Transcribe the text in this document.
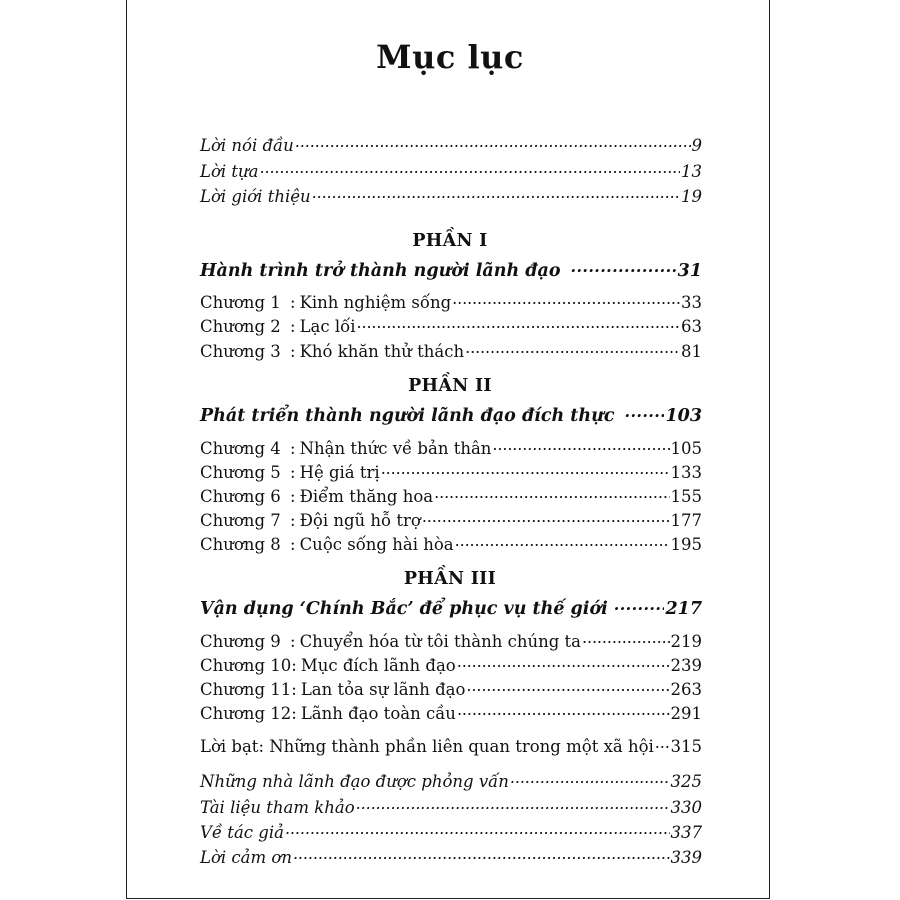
Mục lục
Lời nói đầu . . .	9
Lời tựa . . .	13
Lời giới thiệu . . .	19
PHẦN I
Hành trình trở thành người lãnh đạo . . .	31
Chương 1 : Kinh nghiệm sống . . .	33
Chương 2 : Lạc lối . . .	63
Chương 3 : Khó khăn thử thách . . .	81
PHẦN II
Phát triển thành người lãnh đạo đích thực . . .	103
Chương 4 : Nhận thức về bản thân . . .	105
Chương 5 : Hệ giá trị . . .	133
Chương 6 : Điểm thăng hoa . . .	155
Chương 7 : Đội ngũ hỗ trợ . . .	177
Chương 8 : Cuộc sống hài hòa . . .	195
PHẦN III
Vận dụng ‘Chính Bắc’ để phục vụ thế giới . . .	217
Chương 9 : Chuyển hóa từ tôi thành chúng ta . . .	219
Chương 10 : Mục đích lãnh đạo . . .	239
Chương 11 : Lan tỏa sự lãnh đạo . . .	263
Chương 12 : Lãnh đạo toàn cầu . . .	291
Lời bạt: Những thành phần liên quan trong một xã hội . . . 315
Những nhà lãnh đạo được phỏng vấn . . .	325
Tài liệu tham khảo . . .	330
Về tác giả . . .	337
Lời cảm ơn . . .	339
